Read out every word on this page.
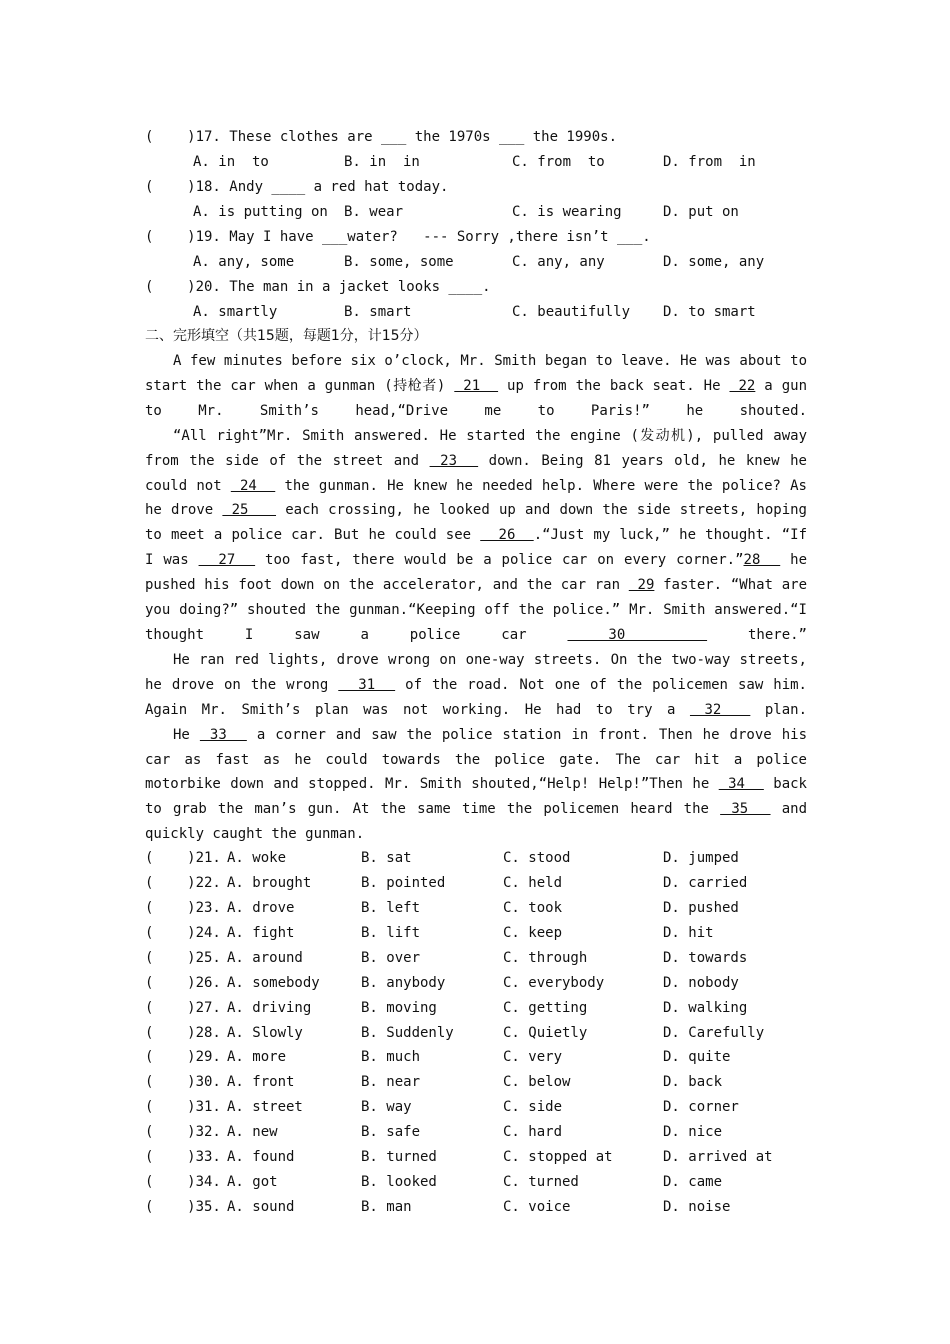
(    )17. These clothes are ___ the 1970s ___ the 1990s.
A. in  to	B. in  in	C. from  to	D. from  in
(    )18. Andy ____ a red hat today.
A. is putting on B. wear	C. is wearing	D. put on
(    )19. May I have ___water?   --- Sorry ,there isn’t ___.
A. any, some	B. some, some	C. any, any	D. some, any
(    )20. The man in a jacket looks ____.
A. smartly	B. smart	C. beautifully D. to smart
二、完形填空（共15题，每题1分，计15分）

A few minutes before six o’clock, Mr. Smith began to leave. He was about to start the car when a gunman (持枪者)  21   up from the back seat. He  22 a gun to Mr. Smith’s head,“Drive me to Paris!” he shouted.

“All right”Mr. Smith answered. He started the engine (发动机), pulled away from the side of the street and  23   down. Being 81 years old, he knew he could not  24   the gunman. He knew he needed help. Where were the police? As he drove  25    each crossing, he looked up and down the side streets, hoping to meet a police car. But he could see   26  .“Just my luck,” he thought. “If I was   27   too fast, there would be a police car on every corner.”28   he pushed his foot down on the accelerator, and the car ran  29 faster. “What are you doing?” shouted the gunman.“Keeping off the police.” Mr. Smith answered.“I thought I saw a police car  30   there.”

He ran red lights, drove wrong on one-way streets. On the two-way streets, he drove on the wrong   31   of the road. Not one of the policemen saw him. Again Mr. Smith’s plan was not working. He had to try a  32   plan.

He  33   a corner and saw the police station in front. Then he drove his car as fast as he could towards the police gate. The car hit a police motorbike down and stopped. Mr. Smith shouted,“Help! Help!”Then he  34   back to grab the man’s gun. At the same time the policemen heard the  35   and quickly caught the gunman.

(    )21. A. woke	B. sat	C. stood	D. jumped
(    )22. A. brought	B. pointed	C. held	D. carried
(    )23. A. drove	B. left	C. took	D. pushed
(    )24. A. fight	B. lift	C. keep	D. hit
(    )25. A. around	B. over	C. through	D. towards
(    )26. A. somebody	B. anybody	C. everybody	D. nobody
(    )27. A. driving	B. moving	C. getting	D. walking
(    )28. A. Slowly	B. Suddenly	C. Quietly	D. Carefully
(    )29. A. more	B. much	C. very	D. quite
(    )30. A. front	B. near	C. below	D. back
(    )31. A. street	B. way	C. side	D. corner
(    )32. A. new	B. safe	C. hard	D. nice
(    )33. A. found	B. turned	C. stopped at	D. arrived at
(    )34. A. got	B. looked	C. turned	D. came
(    )35. A. sound	B. man	C. voice	D. noise
